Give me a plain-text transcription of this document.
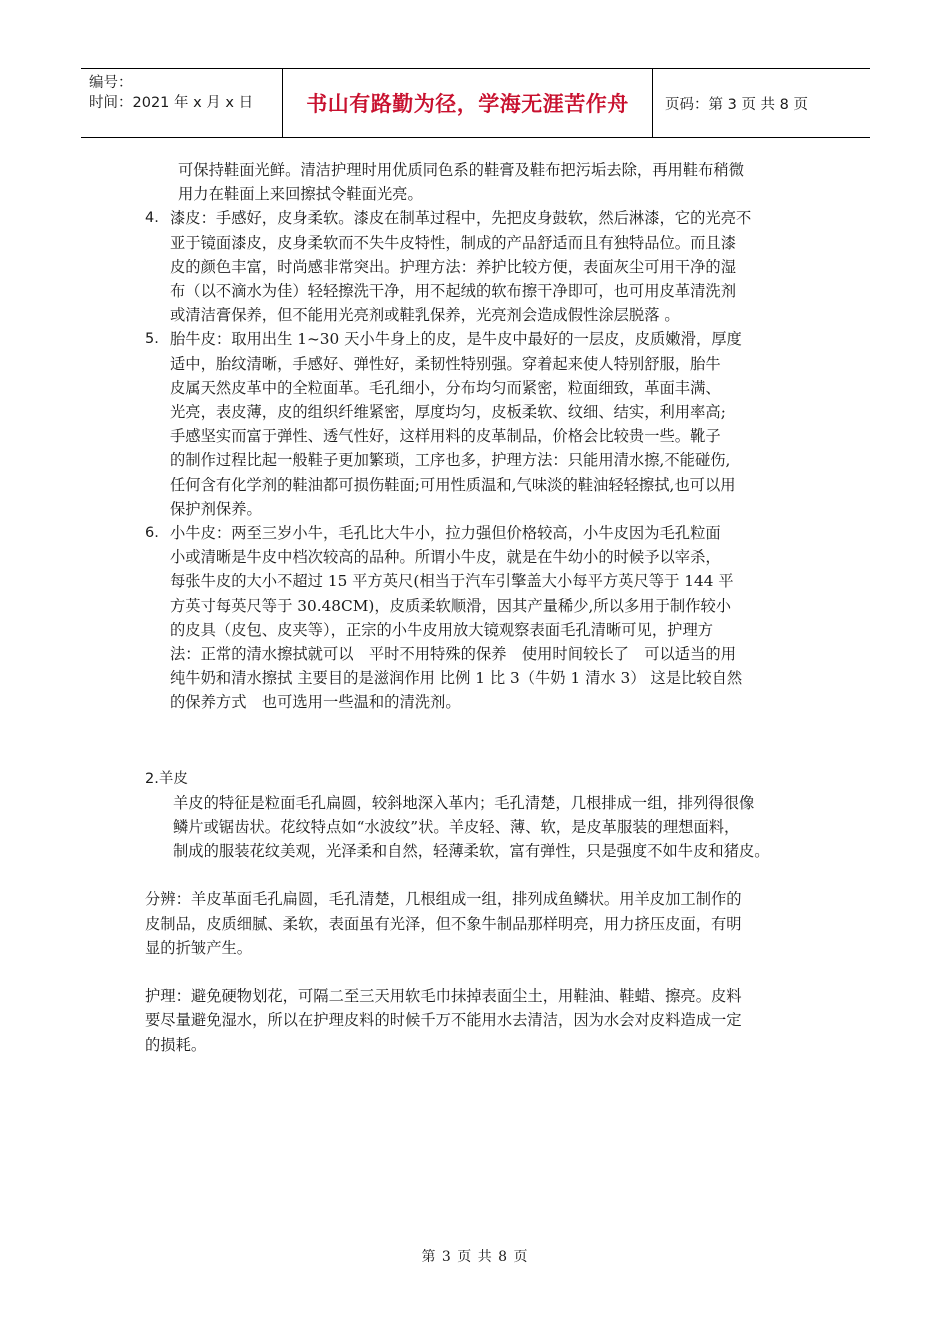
编号：
时间：2021 年 x 月 x 日	书山有路勤为径，学海无涯苦作舟	页码：第 3 页 共 8 页
可保持鞋面光鲜。清洁护理时用优质同色系的鞋膏及鞋布把污垢去除，再用鞋布稍微
用力在鞋面上来回擦拭令鞋面光亮。
4. 漆皮：手感好，皮身柔软。漆皮在制革过程中，先把皮身鼓软，然后淋漆，它的光亮不
亚于镜面漆皮，皮身柔软而不失牛皮特性，制成的产品舒适而且有独特品位。而且漆
皮的颜色丰富，时尚感非常突出。护理方法：养护比较方便，表面灰尘可用干净的湿
布（以不滴水为佳）轻轻擦洗干净，用不起绒的软布擦干净即可，也可用皮革清洗剂
或清洁膏保养，但不能用光亮剂或鞋乳保养，光亮剂会造成假性涂层脱落 。
5. 胎牛皮：取用出生 1~30 天小牛身上的皮，是牛皮中最好的一层皮，皮质嫩滑，厚度
适中，胎纹清晰，手感好、弹性好，柔韧性特别强。穿着起来使人特别舒服，胎牛
皮属天然皮革中的全粒面革。毛孔细小，分布均匀而紧密，粒面细致，革面丰满、
光亮，表皮薄，皮的组织纤维紧密，厚度均匀，皮板柔软、纹细、结实，利用率高;
手感坚实而富于弹性、透气性好，这样用料的皮革制品，价格会比较贵一些。靴子
的制作过程比起一般鞋子更加繁琐，工序也多，护理方法：只能用清水擦,不能碰伤,
任何含有化学剂的鞋油都可损伤鞋面;可用性质温和,气味淡的鞋油轻轻擦拭,也可以用
保护剂保养。
6. 小牛皮：两至三岁小牛，毛孔比大牛小，拉力强但价格较高，小牛皮因为毛孔粒面
小或清晰是牛皮中档次较高的品种。所谓小牛皮，就是在牛幼小的时候予以宰杀，
每张牛皮的大小不超过 15 平方英尺(相当于汽车引擎盖大小每平方英尺等于 144 平
方英寸每英尺等于 30.48CM)，皮质柔软顺滑，因其产量稀少,所以多用于制作较小
的皮具（皮包、皮夹等），正宗的小牛皮用放大镜观察表面毛孔清晰可见，护理方
法：正常的清水擦拭就可以　平时不用特殊的保养　使用时间较长了　可以适当的用
纯牛奶和清水擦拭 主要目的是滋润作用 比例 1 比 3（牛奶 1 清水 3） 这是比较自然
的保养方式　也可选用一些温和的清洗剂。
2.羊皮
羊皮的特征是粒面毛孔扁圆，较斜地深入革内；毛孔清楚，几根排成一组，排列得很像
鳞片或锯齿状。花纹特点如“水波纹”状。羊皮轻、薄、软，是皮革服装的理想面料，
制成的服装花纹美观，光泽柔和自然，轻薄柔软，富有弹性，只是强度不如牛皮和猪皮。
分辨：羊皮革面毛孔扁圆，毛孔清楚，几根组成一组，排列成鱼鳞状。用羊皮加工制作的
皮制品，皮质细腻、柔软，表面虽有光泽，但不象牛制品那样明亮，用力挤压皮面，有明
显的折皱产生。
护理：避免硬物划花，可隔二至三天用软毛巾抹掉表面尘土，用鞋油、鞋蜡、擦亮。皮料
要尽量避免湿水，所以在护理皮料的时候千万不能用水去清洁，因为水会对皮料造成一定
的损耗。
第 3 页 共 8 页
